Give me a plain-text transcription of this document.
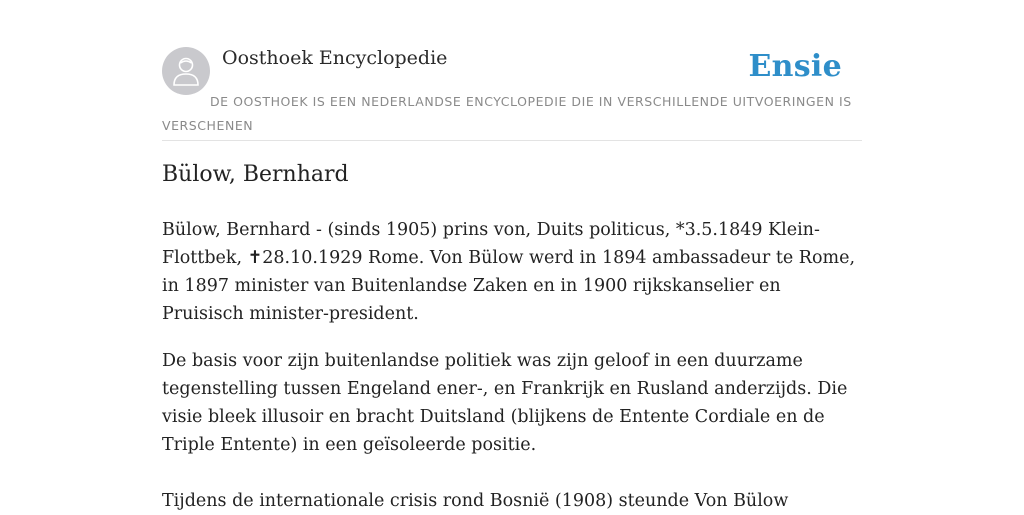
Oosthoek Encyclopedie	Ensie
DE OOSTHOEK IS EEN NEDERLANDSE ENCYCLOPEDIE DIE IN VERSCHILLENDE UITVOERINGEN IS VERSCHENEN
Bülow, Bernhard

Bülow, Bernhard - (sinds 1905) prins von, Duits politicus, *3.5.1849 Klein-Flottbek, ✝28.10.1929 Rome. Von Bülow werd in 1894 ambassadeur te Rome, in 1897 minister van Buitenlandse Zaken en in 1900 rijkskanselier en Pruisisch minister-president.

De basis voor zijn buitenlandse politiek was zijn geloof in een duurzame tegenstelling tussen Engeland ener-, en Frankrijk en Rusland anderzijds. Die visie bleek illusoir en bracht Duitsland (blijkens de Entente Cordiale en de Triple Entente) in een geïsoleerde positie.

Tijdens de internationale crisis rond Bosnië (1908) steunde Von Bülow
